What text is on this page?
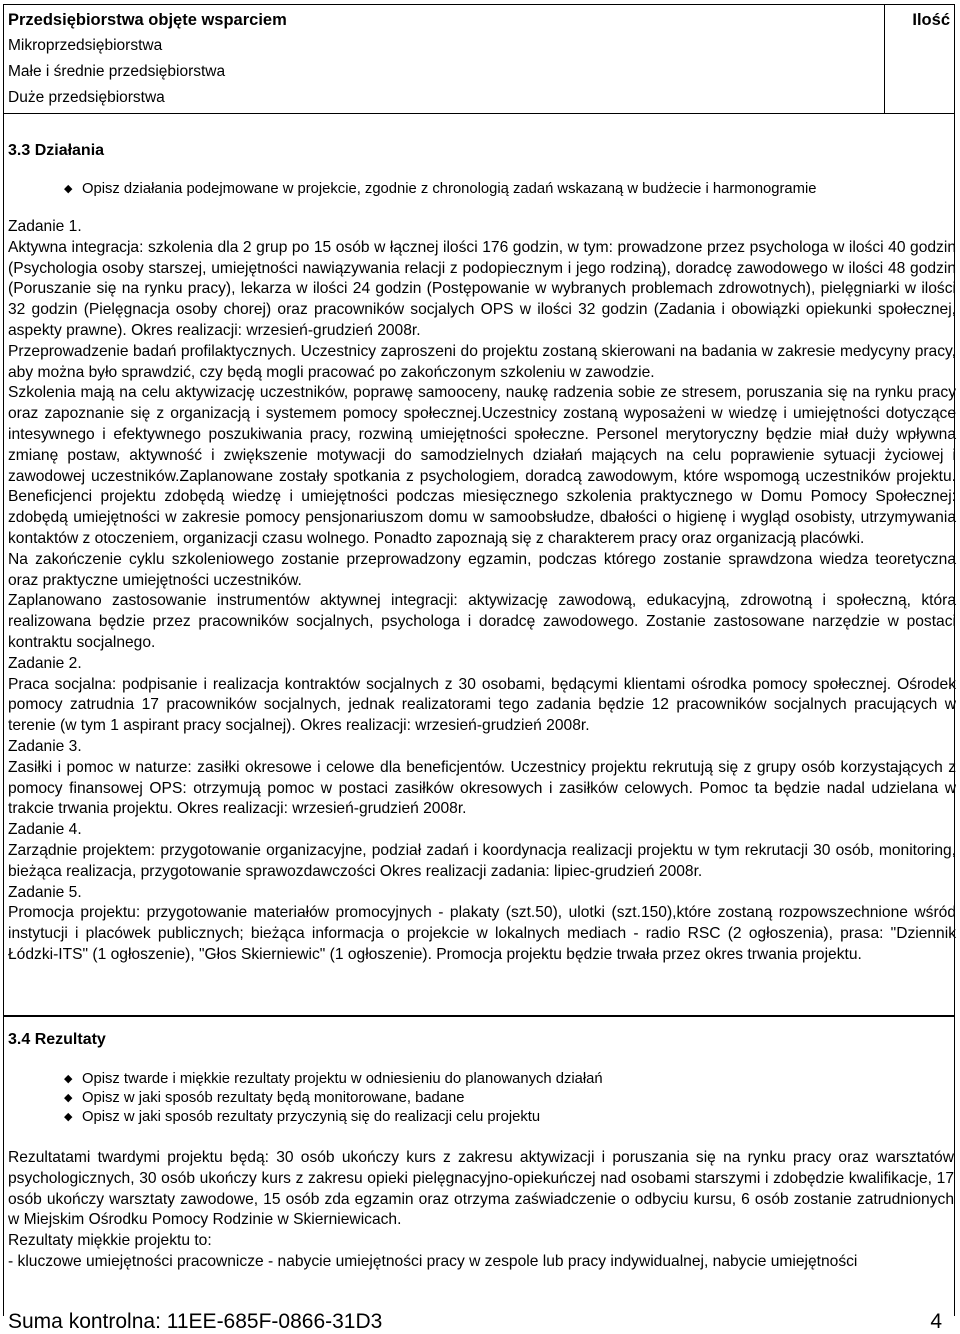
Przedsiębiorstwa objęte wsparciem
Mikroprzedsiębiorstwa
Małe i średnie przedsiębiorstwa
Duże przedsiębiorstwa
Ilość
3.3 Działania
◆ Opisz działania podejmowane w projekcie, zgodnie z chronologią zadań wskazaną w budżecie i harmonogramie

Zadanie 1.

Aktywna integracja: szkolenia dla 2 grup po 15 osób w łącznej ilości 176 godzin, w tym: prowadzone przez psychologa w ilości 40 godzin (Psychologia osoby starszej, umiejętności nawiązywania relacji z podopiecznym i jego rodziną), doradcę zawodowego w ilości 48 godzin (Poruszanie się na rynku pracy), lekarza w ilości 24 godzin (Postępowanie w wybranych problemach zdrowotnych), pielęgniarki w ilości 32 godzin (Pielęgnacja osoby chorej) oraz pracowników socjalych OPS w ilości 32 godzin (Zadania i obowiązki opiekunki społecznej, aspekty prawne). Okres realizacji: wrzesień-grudzień 2008r.

Przeprowadzenie badań profilaktycznych. Uczestnicy zaproszeni do projektu zostaną skierowani na badania w zakresie medycyny pracy, aby można było sprawdzić, czy będą mogli pracować po zakończonym szkoleniu w zawodzie.

Szkolenia mają na celu aktywizację uczestników, poprawę samooceny, naukę radzenia sobie ze stresem, poruszania się na rynku pracy oraz zapoznanie się z organizacją i systemem pomocy społecznej.Uczestnicy zostaną wyposażeni w wiedzę i umiejętności dotyczące intesywnego i efektywnego poszukiwania pracy, rozwiną umiejętności społeczne. Personel merytoryczny będzie miał duży wpływna zmianę postaw, aktywność i zwiększenie motywacji do samodzielnych działań mających na celu poprawienie sytuacji życiowej i zawodowej uczestników.Zaplanowane zostały spotkania z psychologiem, doradcą zawodowym, które wspomogą uczestników projektu. Beneficjenci projektu zdobędą wiedzę i umiejętności podczas miesięcznego szkolenia praktycznego w Domu Pomocy Społecznej: zdobędą umiejętności w zakresie pomocy pensjonariuszom domu w samoobsłudze, dbałości o higienę i wygląd osobisty, utrzymywania kontaktów z otoczeniem, organizacji czasu wolnego. Ponadto zapoznają się z charakterem pracy oraz organizacją placówki.

Na zakończenie cyklu szkoleniowego zostanie przeprowadzony egzamin, podczas którego zostanie sprawdzona wiedza teoretyczna oraz praktyczne umiejętności uczestników.

Zaplanowano zastosowanie instrumentów aktywnej integracji: aktywizację zawodową, edukacyjną, zdrowotną i społeczną, która realizowana będzie przez pracowników socjalnych, psychologa i doradcę zawodowego. Zostanie zastosowane narzędzie w postaci kontraktu socjalnego.

Zadanie 2.

Praca socjalna: podpisanie i realizacja kontraktów socjalnych z 30 osobami, będącymi klientami ośrodka pomocy społecznej. Ośrodek pomocy zatrudnia 17 pracowników socjalnych, jednak realizatorami tego zadania będzie 12 pracowników socjalnych pracujących w terenie (w tym 1 aspirant pracy socjalnej). Okres realizacji: wrzesień-grudzień 2008r.

Zadanie 3.

Zasiłki i pomoc w naturze: zasiłki okresowe i celowe dla beneficjentów. Uczestnicy projektu rekrutują się z grupy osób korzystających z pomocy finansowej OPS: otrzymują pomoc w postaci zasiłków okresowych i zasiłków celowych. Pomoc ta będzie nadal udzielana w trakcie trwania projektu. Okres realizacji: wrzesień-grudzień 2008r.

Zadanie 4.

Zarządnie projektem: przygotowanie organizacyjne, podział zadań i koordynacja realizacji projektu w tym rekrutacji 30 osób, monitoring, bieżąca realizacja, przygotowanie sprawozdawczości Okres realizacji zadania: lipiec-grudzień 2008r.

Zadanie 5.

Promocja projektu: przygotowanie materiałów promocyjnych - plakaty (szt.50), ulotki (szt.150),które zostaną rozpowszechnione wśród instytucji i placówek publicznych; bieżąca informacja o projekcie w lokalnych mediach - radio RSC (2 ogłoszenia), prasa: "Dziennik Łódzki-ITS" (1 ogłoszenie), "Głos Skierniewic" (1 ogłoszenie). Promocja projektu będzie trwała przez okres trwania projektu.

3.4 Rezultaty
◆ Opisz twarde i miękkie rezultaty projektu w odniesieniu do planowanych działań
◆ Opisz w jaki sposób rezultaty będą monitorowane, badane
◆ Opisz w jaki sposób rezultaty przyczynią się do realizacji celu projektu

Rezultatami twardymi projektu będą: 30 osób ukończy kurs z zakresu aktywizacji i poruszania się na rynku pracy oraz warsztatów psychologicznych, 30 osób ukończy kurs z zakresu opieki pielęgnacyjno-opiekuńczej nad osobami starszymi i zdobędzie kwalifikacje, 17 osób ukończy warsztaty zawodowe, 15 osób zda egzamin oraz otrzyma zaświadczenie o odbyciu kursu, 6 osób zostanie zatrudnionych w Miejskim Ośrodku Pomocy Rodzinie w Skierniewicach.

Rezultaty miękkie projektu to:

- kluczowe umiejętności pracownicze - nabycie umiejętności pracy w zespole lub pracy indywidualnej, nabycie umiejętności

Suma kontrolna: 11EE-685F-0866-31D3	4
